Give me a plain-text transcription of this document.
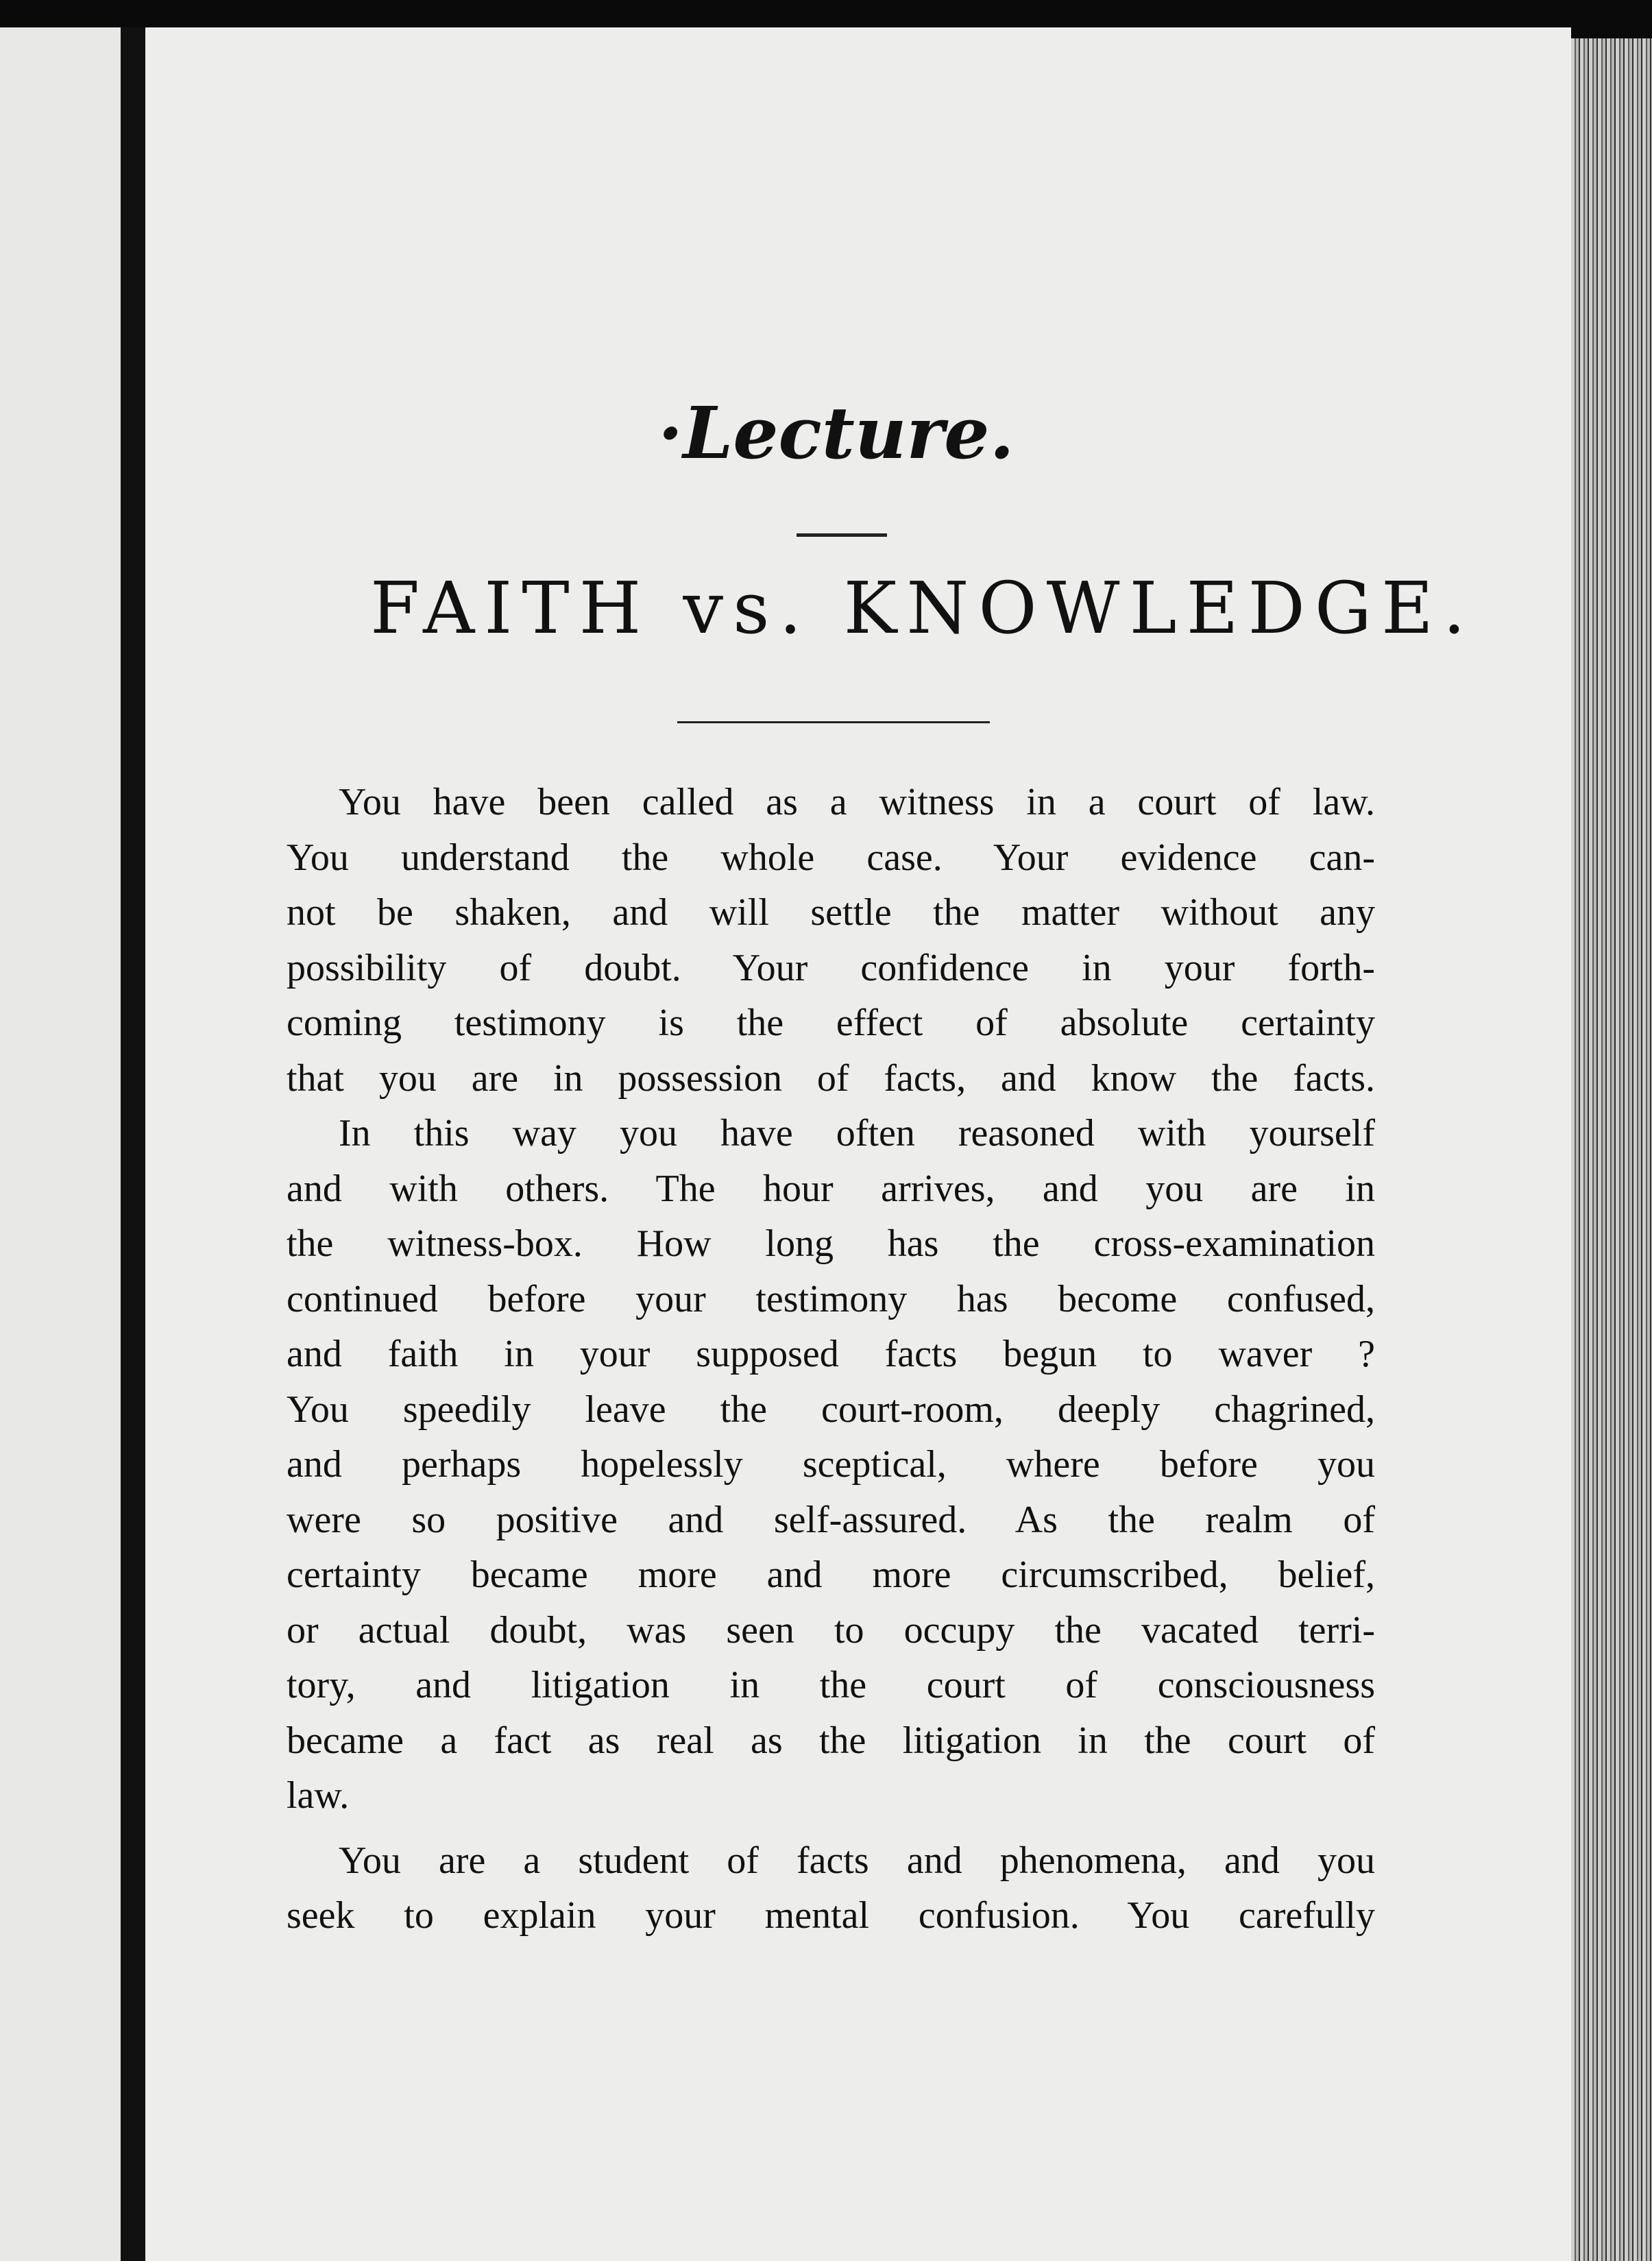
·Lecture.
FAITH vs. KNOWLEDGE.
You have been called as a witness in a court of law.
You understand the whole case. Your evidence can-
not be shaken, and will settle the matter without any
possibility of doubt. Your confidence in your forth-
coming testimony is the effect of absolute certainty
that you are in possession of facts, and know the facts.
In this way you have often reasoned with yourself
and with others. The hour arrives, and you are in
the witness-box. How long has the cross-examination
continued before your testimony has become confused,
and faith in your supposed facts begun to waver ?
You speedily leave the court-room, deeply chagrined,
and perhaps hopelessly sceptical, where before you
were so positive and self-assured. As the realm of
certainty became more and more circumscribed, belief,
or actual doubt, was seen to occupy the vacated terri-
tory, and litigation in the court of consciousness
became a fact as real as the litigation in the court of
law.
You are a student of facts and phenomena, and you
seek to explain your mental confusion. You carefully
